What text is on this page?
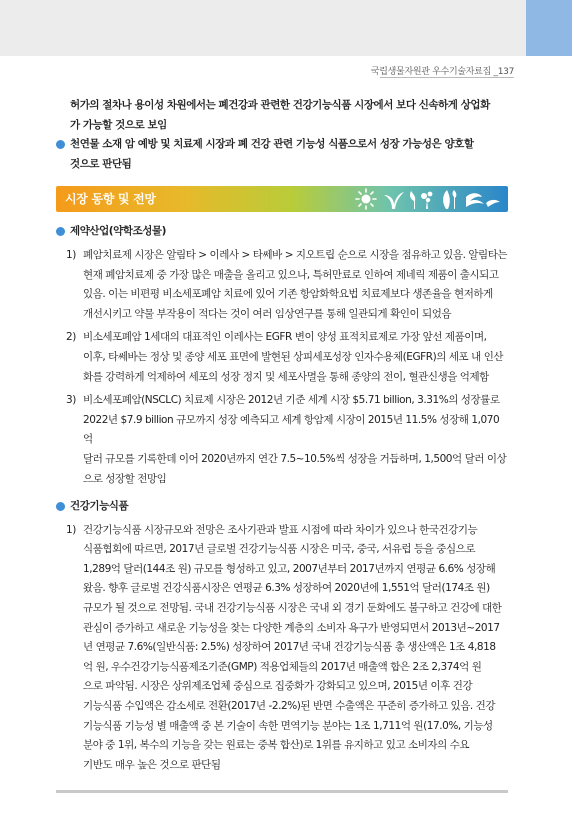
국립생물자원관 우수기술자료집 _137
허가의 절차나 용이성 차원에서는 폐건강과 관련한 건강기능식품 시장에서 보다 신속하게 상업화
가 가능할 것으로 보임
천연물 소재 암 예방 및 치료제 시장과 폐 건강 관련 기능성 식품으로서 성장 가능성은 양호할
것으로 판단됨
시장 동향 및 전망
제약산업(약학조성물)
1) 폐암치료제 시장은 알림타 > 이레사 > 타쎄바 > 지오트립 순으로 시장을 점유하고 있음. 알림타는
현재 폐암치료제 중 가장 많은 매출을 올리고 있으나, 특허만료로 인하여 제네릭 제품이 출시되고
있음. 이는 비편평 비소세포폐암 치료에 있어 기존 항암화학요법 치료제보다 생존율을 현저하게
개선시키고 약물 부작용이 적다는 것이 여러 임상연구를 통해 일관되게 확인이 되었음
2) 비소세포폐암 1세대의 대표적인 이레사는 EGFR 변이 양성 표적치료제로 가장 앞선 제품이며,
이후, 타쎄바는 정상 및 종양 세포 표면에 발현된 상피세포성장 인자수용체(EGFR)의 세포 내 인산
화를 강력하게 억제하여 세포의 성장 정지 및 세포사멸을 통해 종양의 전이, 혈관신생을 억제함
3) 비소세포폐암(NSCLC) 치료제 시장은 2012년 기준 세계 시장 $5.71 billion, 3.31%의 성장률로
2022년 $7.9 billion 규모까지 성장 예측되고 세계 항암제 시장이 2015년 11.5% 성장해 1,070억
달러 규모를 기록한데 이어 2020년까지 연간 7.5~10.5%씩 성장을 거듭하며, 1,500억 달러 이상
으로 성장할 전망임
건강기능식품
1) 건강기능식품 시장규모와 전망은 조사기관과 발표 시점에 따라 차이가 있으나 한국건강기능
식품협회에 따르면, 2017년 글로벌 건강기능식품 시장은 미국, 중국, 서유럽 등을 중심으로
1,289억 달러(144조 원) 규모를 형성하고 있고, 2007년부터 2017년까지 연평균 6.6% 성장해
왔음. 향후 글로벌 건강식품시장은 연평균 6.3% 성장하여 2020년에 1,551억 달러(174조 원)
규모가 될 것으로 전망됨. 국내 건강기능식품 시장은 국내 외 경기 둔화에도 불구하고 건강에 대한
관심이 증가하고 새로운 기능성을 찾는 다양한 계층의 소비자 욕구가 반영되면서 2013년~2017
년 연평균 7.6%(일반식품: 2.5%) 성장하여 2017년 국내 건강기능식품 총 생산액은 1조 4,818
억 원, 우수건강기능식품제조기준(GMP) 적용업체들의 2017년 매출액 합은 2조 2,374억 원
으로 파악됨. 시장은 상위제조업체 중심으로 집중화가 강화되고 있으며, 2015년 이후 건강
기능식품 수입액은 감소세로 전환(2017년 -2.2%)된 반면 수출액은 꾸준히 증가하고 있음. 건강
기능식품 기능성 별 매출액 중 본 기술이 속한 면역기능 분야는 1조 1,711억 원(17.0%, 기능성
분야 중 1위, 복수의 기능을 갖는 원료는 중복 합산)로 1위를 유지하고 있고 소비자의 수요
기반도 매우 높은 것으로 판단됨
